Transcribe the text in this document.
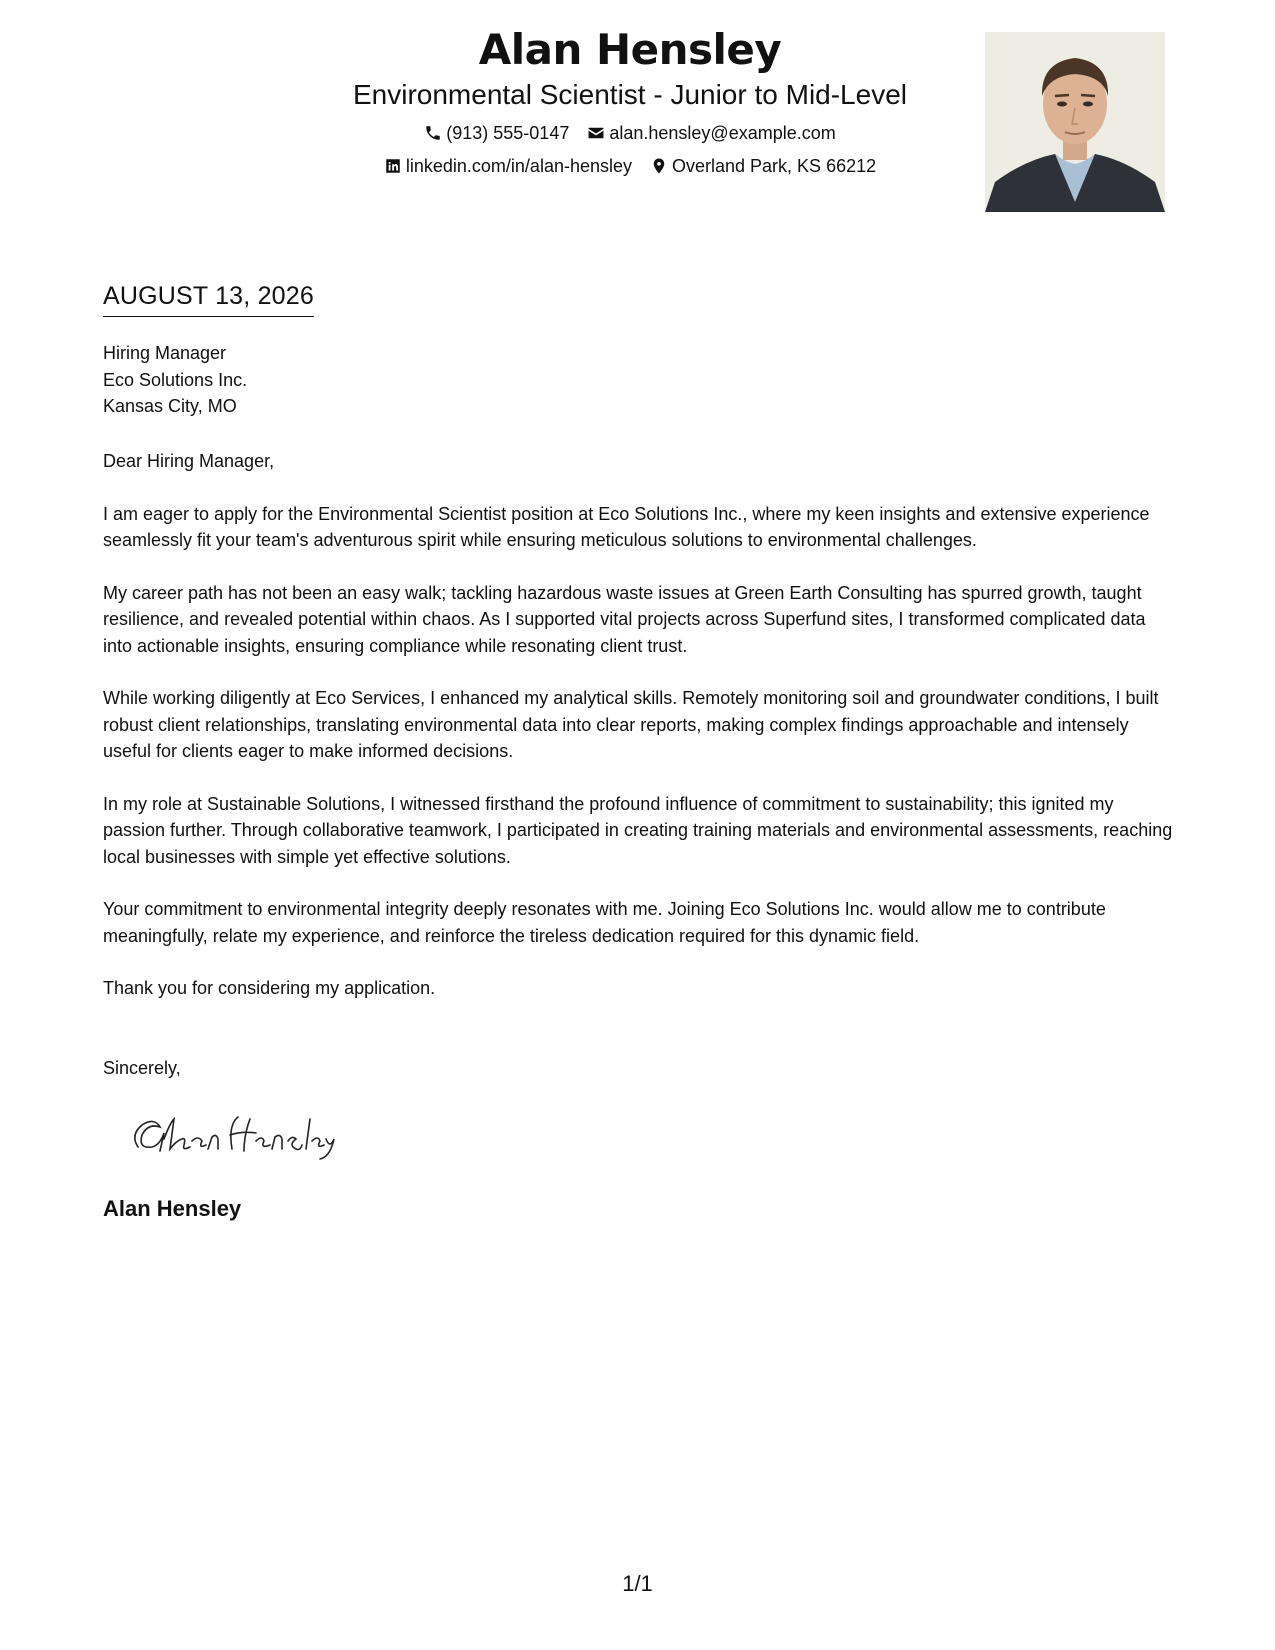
Alan Hensley
Environmental Scientist - Junior to Mid-Level
(913) 555-0147 alan.hensley@example.com
linkedin.com/in/alan-hensley Overland Park, KS 66212
AUGUST 13, 2026
Hiring Manager
Eco Solutions Inc.
Kansas City, MO

Dear Hiring Manager,

I am eager to apply for the Environmental Scientist position at Eco Solutions Inc., where my keen insights and extensive experience seamlessly fit your team's adventurous spirit while ensuring meticulous solutions to environmental challenges.

My career path has not been an easy walk; tackling hazardous waste issues at Green Earth Consulting has spurred growth, taught resilience, and revealed potential within chaos. As I supported vital projects across Superfund sites, I transformed complicated data into actionable insights, ensuring compliance while resonating client trust.

While working diligently at Eco Services, I enhanced my analytical skills. Remotely monitoring soil and groundwater conditions, I built robust client relationships, translating environmental data into clear reports, making complex findings approachable and intensely useful for clients eager to make informed decisions.

In my role at Sustainable Solutions, I witnessed firsthand the profound influence of commitment to sustainability; this ignited my passion further. Through collaborative teamwork, I participated in creating training materials and environmental assessments, reaching local businesses with simple yet effective solutions.

Your commitment to environmental integrity deeply resonates with me. Joining Eco Solutions Inc. would allow me to contribute meaningfully, relate my experience, and reinforce the tireless dedication required for this dynamic field.

Thank you for considering my application.

Sincerely,
Alan Hensley
1/1
